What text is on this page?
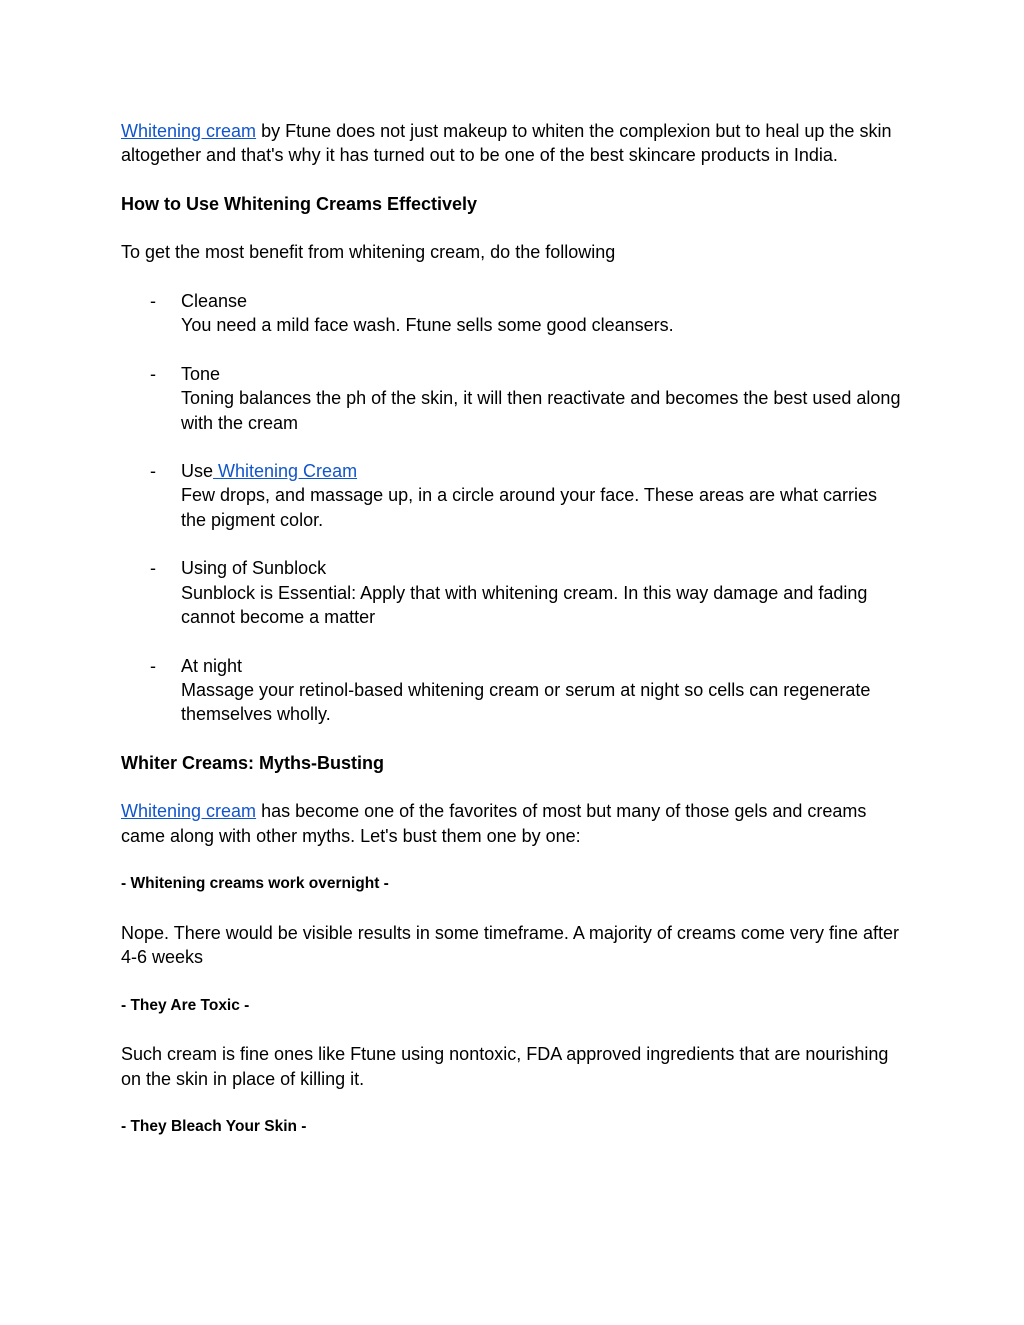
Whitening cream by Ftune does not just makeup to whiten the complexion but to heal up the skin altogether and that's why it has turned out to be one of the best skincare products in India.

How to Use Whitening Creams Effectively

To get the most benefit from whitening cream, do the following

- Cleanse

You need a mild face wash. Ftune sells some good cleansers.

- Tone

Toning balances the ph of the skin, it will then reactivate and becomes the best used along with the cream

- Use Whitening Cream

Few drops, and massage up, in a circle around your face. These areas are what carries the pigment color.

- Using of Sunblock

Sunblock is Essential: Apply that with whitening cream. In this way damage and fading cannot become a matter

- At night

Massage your retinol-based whitening cream or serum at night so cells can regenerate themselves wholly.

Whiter Creams: Myths-Busting

Whitening cream has become one of the favorites of most but many of those gels and creams came along with other myths. Let's bust them one by one:

- Whitening creams work overnight -

Nope. There would be visible results in some timeframe. A majority of creams come very fine after 4-6 weeks

- They Are Toxic -

Such cream is fine ones like Ftune using nontoxic, FDA approved ingredients that are nourishing on the skin in place of killing it.

- They Bleach Your Skin -
